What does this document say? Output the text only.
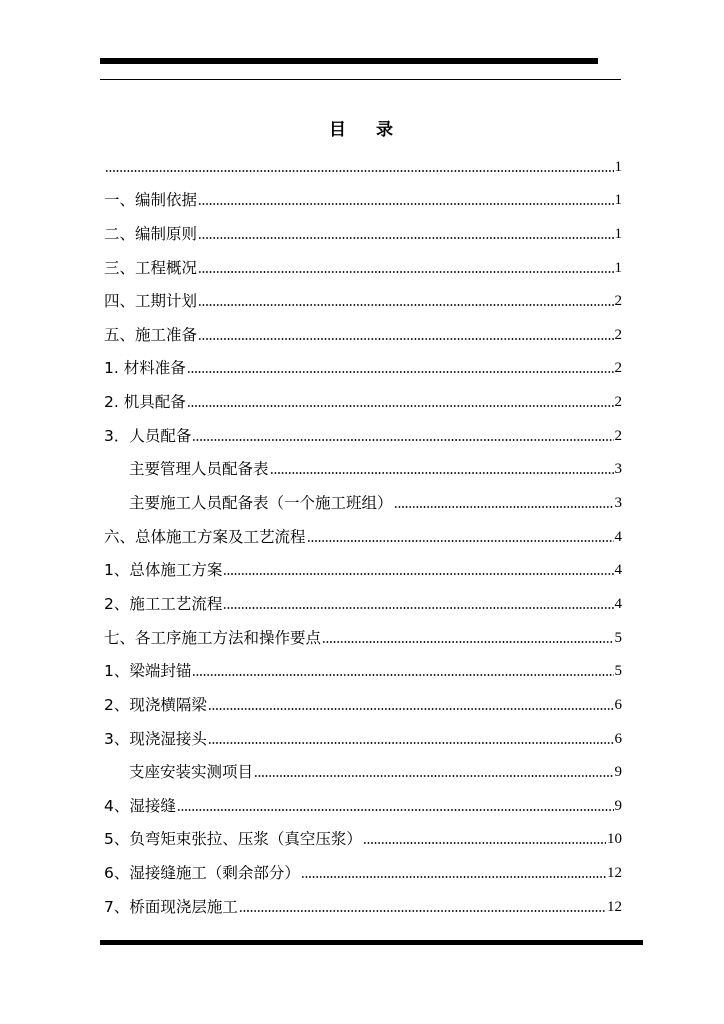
目 录
1
一、编制依据	1
二、编制原则	1
三、工程概况	1
四、工期计划	2
五、施工准备	2
1. 材料准备	2
2. 机具配备	2
3．人员配备	2
主要管理人员配备表	3
主要施工人员配备表（一个施工班组）	3
六、总体施工方案及工艺流程	4
1、总体施工方案	4
2、施工工艺流程	4
七、各工序施工方法和操作要点	5
1、梁端封锚	5
2、现浇横隔梁	6
3、现浇湿接头	6
支座安装实测项目	9
4、湿接缝	9
5、负弯矩束张拉、压浆（真空压浆）	10
6、湿接缝施工（剩余部分）	12
7、桥面现浇层施工	12
